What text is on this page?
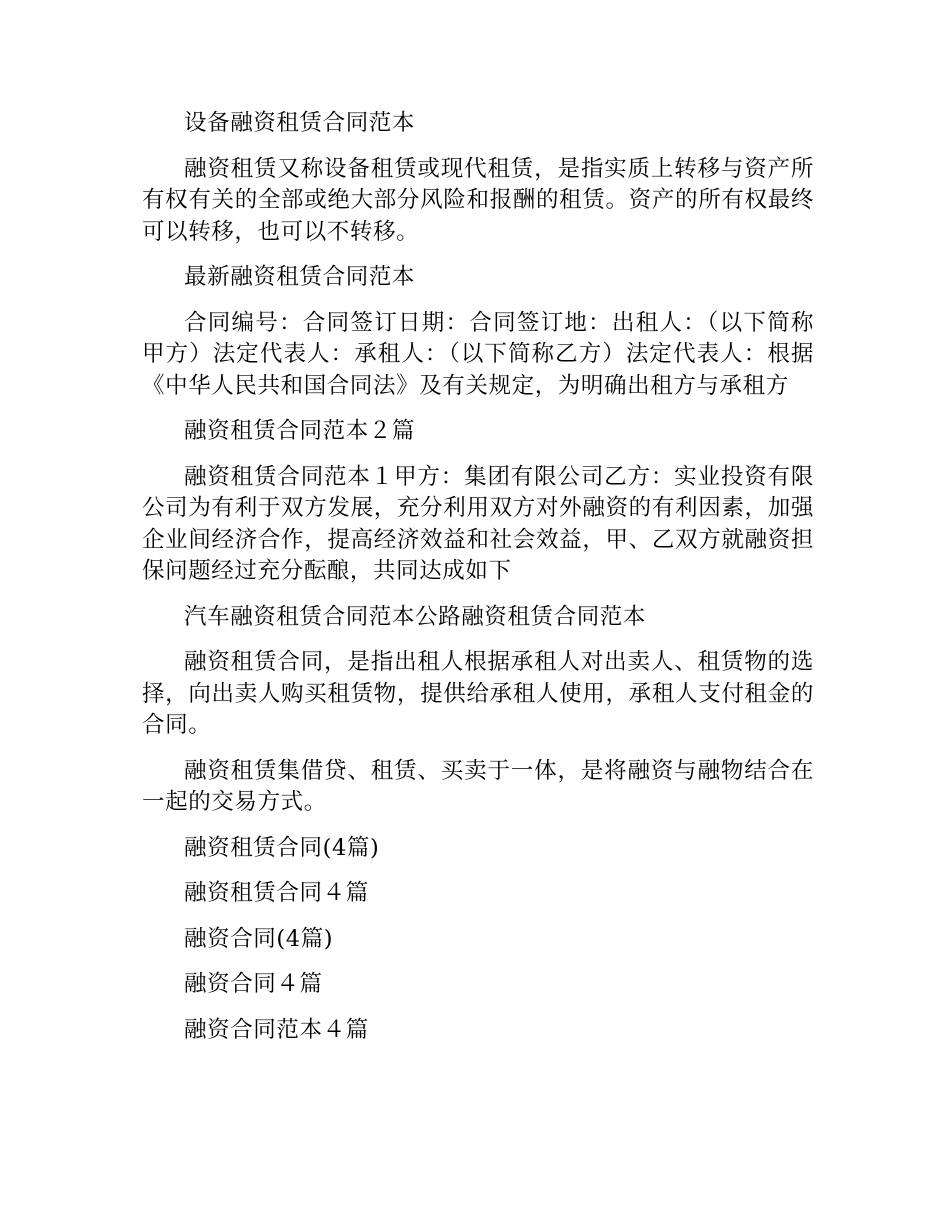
设备融资租赁合同范本

融资租赁又称设备租赁或现代租赁，是指实质上转移与资产所有权有关的全部或绝大部分风险和报酬的租赁。资产的所有权最终可以转移，也可以不转移。

最新融资租赁合同范本

合同编号：合同签订日期：合同签订地：出租人：（以下简称甲方）法定代表人：承租人：（以下简称乙方）法定代表人：根据《中华人民共和国合同法》及有关规定，为明确出租方与承租方

融资租赁合同范本２篇

融资租赁合同范本１甲方：集团有限公司乙方：实业投资有限公司为有利于双方发展，充分利用双方对外融资的有利因素，加强企业间经济合作，提高经济效益和社会效益，甲、乙双方就融资担保问题经过充分酝酿，共同达成如下

汽车融资租赁合同范本公路融资租赁合同范本

融资租赁合同，是指出租人根据承租人对出卖人、租赁物的选择，向出卖人购买租赁物，提供给承租人使用，承租人支付租金的合同。

融资租赁集借贷、租赁、买卖于一体，是将融资与融物结合在一起的交易方式。

融资租赁合同(4篇)

融资租赁合同４篇

融资合同(4篇)

融资合同４篇

融资合同范本４篇
